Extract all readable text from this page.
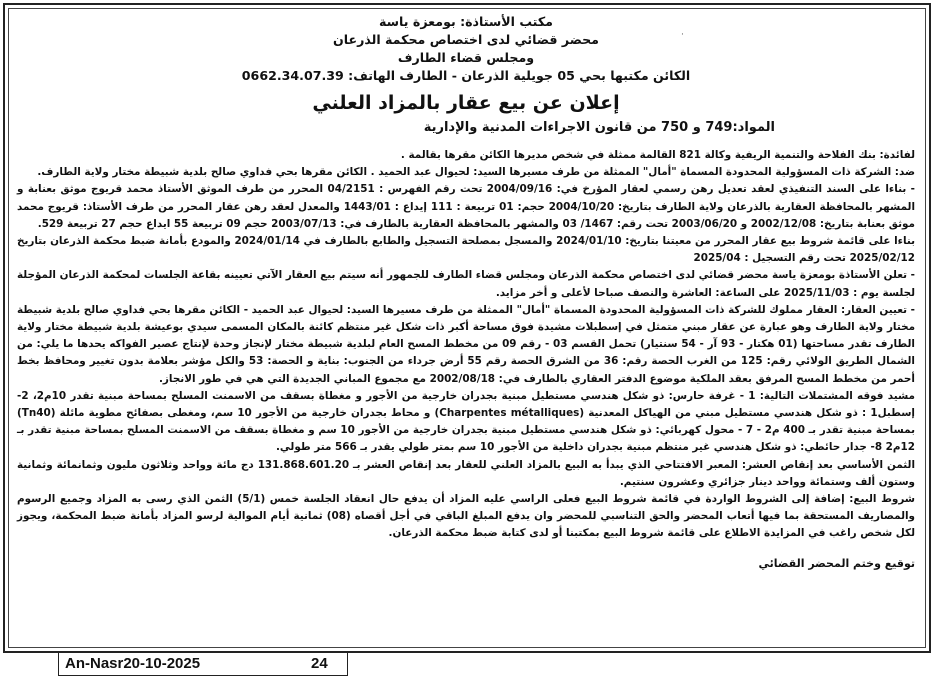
مكتب الأستاذة: بومعزة ياسة
محضر قضائي لدى اختصاص محكمة الذرعان
ومجلس قضاء الطارف
الكائن مكتبها بحي 05 جويلية الذرعان - الطارف الهاتف: 0662.34.07.39
إعلان عن بيع عقار بالمزاد العلني
المواد:749 و 750 من قانون الاجراءات المدنية والإدارية

لفائدة: بنك الفلاحة والتنمية الريفية وكالة 821 القالمة ممثلة في شخص مديرها الكائن مقرها بقالمة .

ضد: الشركة ذات المسؤولية المحدودة المسماة "أمال" الممثلة من طرف مسيرها السيد: لحيوال عبد الحميد . الكائن مقرها بحي فداوي صالح بلدية شبيطة مختار ولاية الطارف.

- بناءا على السند التنفيذي لعقد تعديل رهن رسمي لعقار المؤرخ في: 2004/09/16 تحت رقم الفهرس : 04/2151 المحرر من طرف الموثق الأستاذ محمد قريوج موثق بعنابة و المشهر بالمحافظة العقارية بالذرعان ولاية الطارف بتاريخ: 2004/10/20 حجم: 01 تربيعة : 111 إيداع : 1443/01 والمعدل لعقد رهن عقار المحرر من طرف الأستاذ: قريوج محمد موثق بعنابة بتاريخ: 2002/12/08 و 2003/06/20 تحت رقم: 1467/ 03 والمشهر بالمحافظة العقارية بالطارف في: 2003/07/13 حجم 09 تربيعة 55 ايداع حجم 27 تربيعة 529.

بناءا على قائمة شروط بيع عقار المحرر من معيتنا بتاريخ: 2024/01/10 والمسجل بمصلحة التسجيل والطابع بالطارف في 2024/01/14 والمودع بأمانة ضبط محكمة الذرعان بتاريخ 2025/02/12 تحت رقم التسجيل : 2025/04

- تعلن الأستاذة بومعزة ياسة محضر قضائي لدى اختصاص محكمة الذرعان ومجلس قضاء الطارف للجمهور أنه سيتم بيع العقار الآتي تعيينه بقاعة الجلسات لمحكمة الذرعان المؤجلة لجلسة يوم : 2025/11/03 على الساعة: العاشرة والنصف صباحا لأعلى و أخر مزايد.

- تعيين العقار: العقار مملوك للشركة ذات المسؤولية المحدودة المسماة "أمال" الممثلة من طرف مسيرها السيد: لحيوال عبد الحميد - الكائن مقرها بحي فداوي صالح بلدية شبيطة مختار ولاية الطارف وهو عبارة عن عقار مبني متمثل في إسطبلات مشيدة فوق مساحة أكبر ذات شكل غير منتظم كائنة بالمكان المسمى سيدي بوعيشة بلدية شبيطة مختار ولاية الطارف تقدر مساحتها (01 هكتار - 93 آر - 54 سنتيار) تحمل القسم 03 - رقم 09 من مخطط المسح العام لبلدية شبيطة مختار لإنجاز وحدة لإنتاج عصير الفواكه يحدها ما يلي: من الشمال الطريق الولائي رقم: 125 من الغرب الحصة رقم: 36 من الشرق الحصة رقم 55 أرض جرداء من الجنوب: بناية و الحصة: 53 والكل مؤشر بعلامة بدون تغيير ومحافظ بخط أحمر من مخطط المسح المرفق بعقد الملكية موضوع الدفتر العقاري بالطارف في: 2002/08/18 مع مجموع المباني الجديدة التي هي في طور الانجاز.

مشيد فوقه المشتملات التالية: 1 - غرفة حارس: ذو شكل هندسي مستطيل مبنية بجدران خارجية من الأجور و مغطاة بسقف من الاسمنت المسلح بمساحة مبنية تقدر 10م2، 2- إسطبل1 : ذو شكل هندسي مستطيل مبني من الهياكل المعدنية (Charpentes métalliques) و محاط بجدران خارجية من الأجور 10 سم، ومغطى بصفائح مطوية مائلة (Tn40) بمساحة مبنية تقدر بـ 400 م2 - 7 - محول كهربائي: ذو شكل هندسي مستطيل مبنية بجدران خارجية من الأجور 10 سم و مغطاة بسقف من الاسمنت المسلح بمساحة مبنية تقدر بـ 12م2 8- جدار حائطي: ذو شكل هندسي غير منتظم مبنية بجدران داخلية من الأجور 10 سم بمتر طولي يقدر بـ 566 متر طولي.

الثمن الأساسي بعد إنقاص العشر: المعبر الافتتاحي الذي يبدأ به البيع بالمزاد العلني للعقار بعد إنقاص العشر بـ 131.868.601.20 دج مائة وواحد وثلاثون مليون وثمانمائة وثمانية وستون ألف وستمائة وواحد دينار جزائري وعشرون سنتيم.

شروط البيع: إضافة إلى الشروط الواردة في قائمة شروط البيع فعلى الراسي عليه المزاد أن يدفع حال انعقاد الجلسة خمس (5/1) الثمن الذي رسى به المزاد وجميع الرسوم والمصاريف المستحقة بما فيها أتعاب المحضر والحق التناسبي للمحضر وان يدفع المبلغ الباقي في أجل أقصاه (08) ثمانية أيام الموالية لرسو المزاد بأمانة ضبط المحكمة، ويجوز لكل شخص راغب في المزايدة الاطلاع على قائمة شروط البيع بمكتبنا أو لدى كتابة ضبط محكمة الذرعان.

توقيع وختم المحضر القضائي
·
An-Nasr20-10-2025	24
